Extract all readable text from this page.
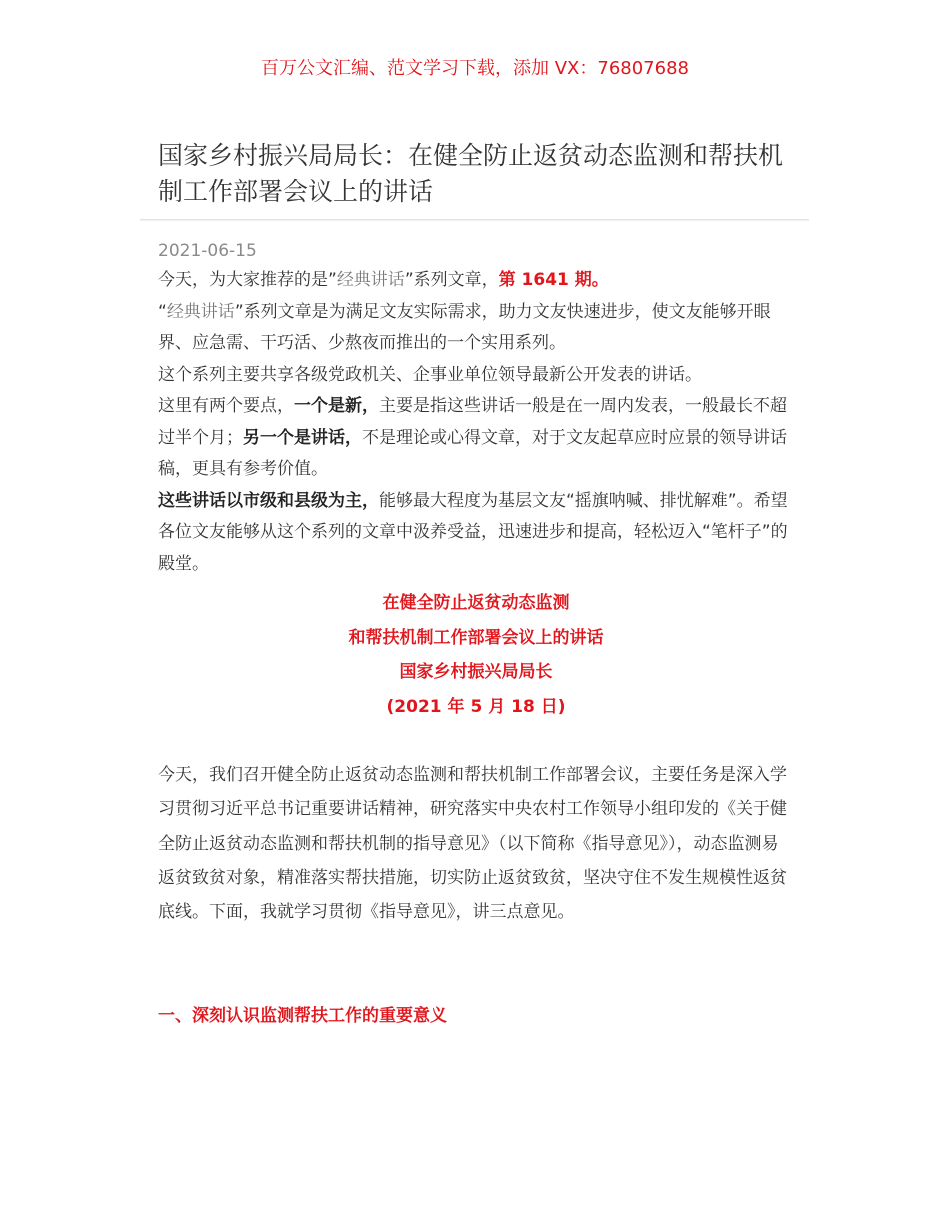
百万公文汇编、范文学习下载，添加 VX：76807688
国家乡村振兴局局长：在健全防止返贫动态监测和帮扶机制工作部署会议上的讲话
2021-06-15

今天，为大家推荐的是”经典讲话”系列文章，第 1641 期。

“经典讲话”系列文章是为满足文友实际需求，助力文友快速进步，使文友能够开眼界、应急需、干巧活、少熬夜而推出的一个实用系列。

这个系列主要共享各级党政机关、企事业单位领导最新公开发表的讲话。

这里有两个要点，一个是新，主要是指这些讲话一般是在一周内发表，一般最长不超过半个月；另一个是讲话，不是理论或心得文章，对于文友起草应时应景的领导讲话稿，更具有参考价值。

这些讲话以市级和县级为主，能够最大程度为基层文友“摇旗呐喊、排忧解难”。希望各位文友能够从这个系列的文章中汲养受益，迅速进步和提高，轻松迈入“笔杆子”的殿堂。

在健全防止返贫动态监测
和帮扶机制工作部署会议上的讲话
国家乡村振兴局局长
(2021 年 5 月 18 日)

今天，我们召开健全防止返贫动态监测和帮扶机制工作部署会议，主要任务是深入学习贯彻习近平总书记重要讲话精神，研究落实中央农村工作领导小组印发的《关于健全防止返贫动态监测和帮扶机制的指导意见》（以下简称《指导意见》），动态监测易返贫致贫对象，精准落实帮扶措施，切实防止返贫致贫，坚决守住不发生规模性返贫底线。下面，我就学习贯彻《指导意见》，讲三点意见。

一、深刻认识监测帮扶工作的重要意义
